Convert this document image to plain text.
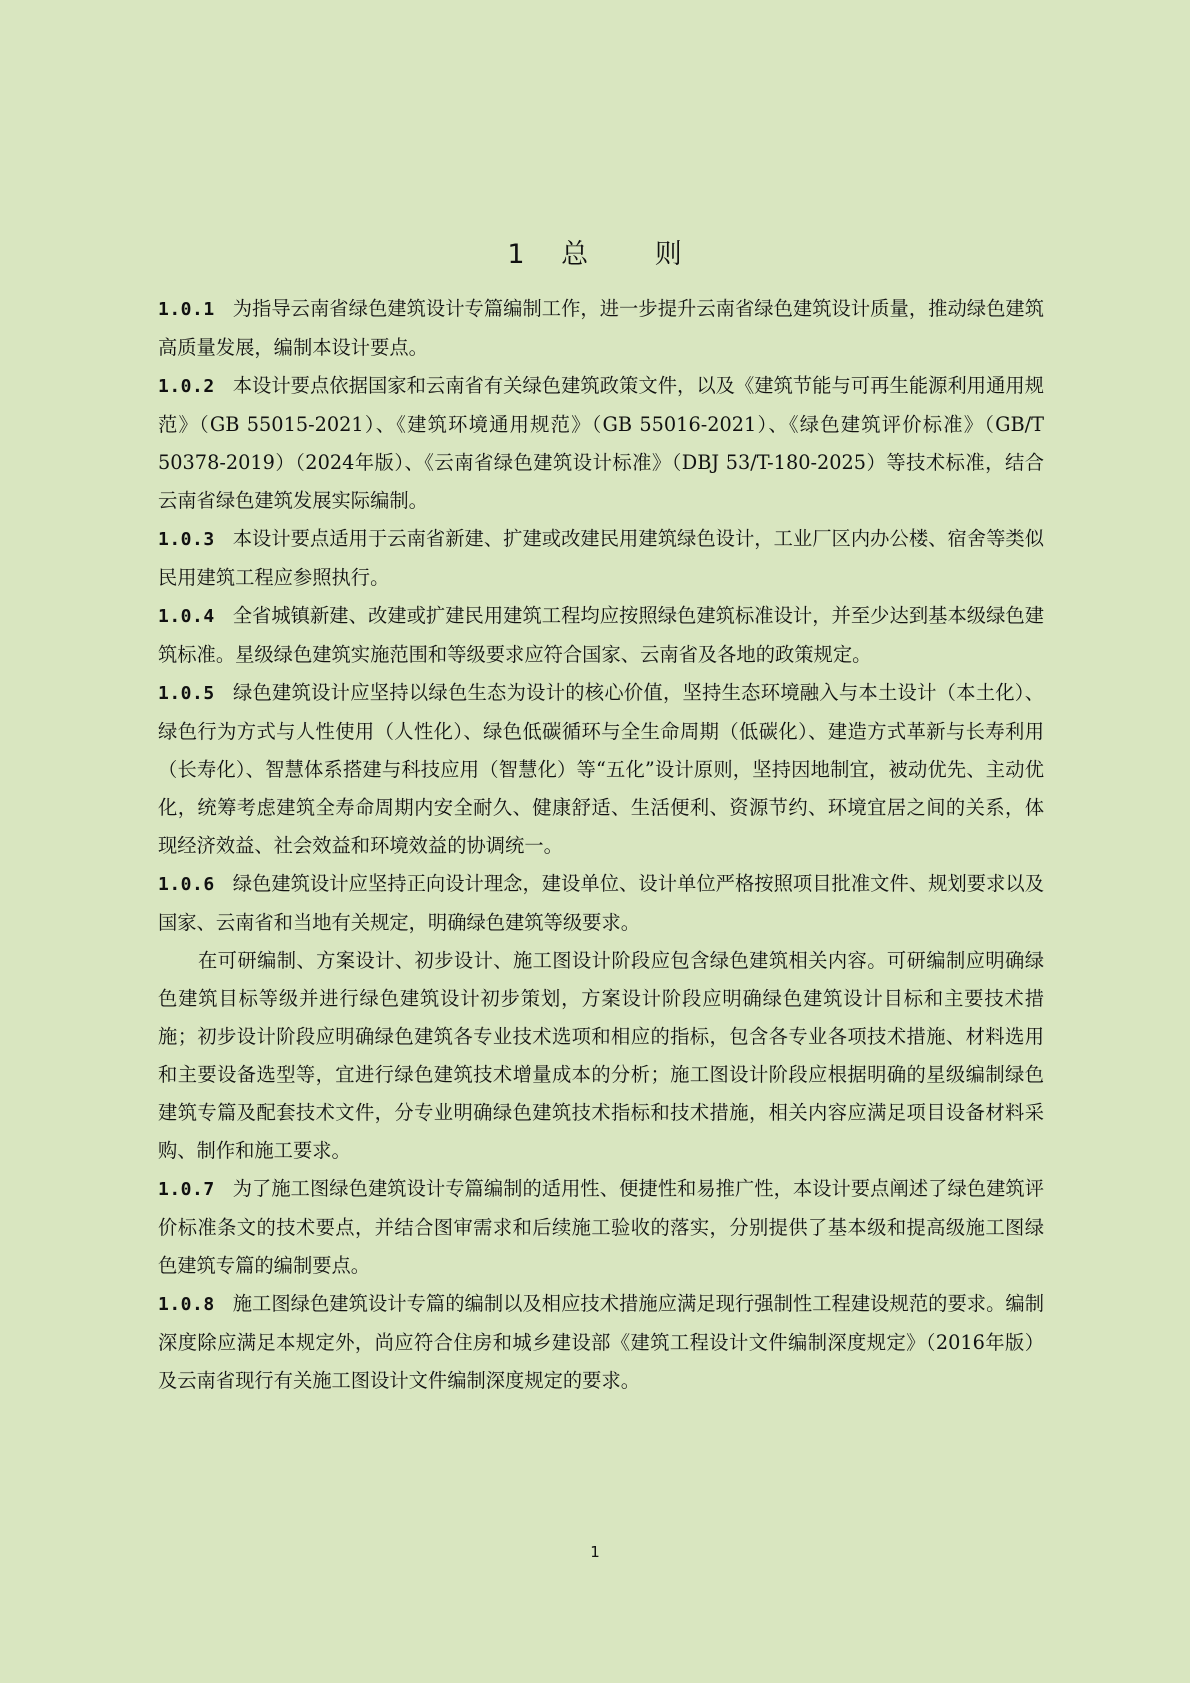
1 总 则

1.0.1 为指导云南省绿色建筑设计专篇编制工作，进一步提升云南省绿色建筑设计质量，推动绿色建筑高质量发展，编制本设计要点。

1.0.2 本设计要点依据国家和云南省有关绿色建筑政策文件，以及《建筑节能与可再生能源利用通用规范》（GB 55015-2021）、《建筑环境通用规范》（GB 55016-2021）、《绿色建筑评价标准》（GB/T 50378-2019）（2024年版）、《云南省绿色建筑设计标准》（DBJ 53/T-180-2025）等技术标准，结合云南省绿色建筑发展实际编制。

1.0.3 本设计要点适用于云南省新建、扩建或改建民用建筑绿色设计，工业厂区内办公楼、宿舍等类似民用建筑工程应参照执行。

1.0.4 全省城镇新建、改建或扩建民用建筑工程均应按照绿色建筑标准设计，并至少达到基本级绿色建筑标准。星级绿色建筑实施范围和等级要求应符合国家、云南省及各地的政策规定。

1.0.5 绿色建筑设计应坚持以绿色生态为设计的核心价值，坚持生态环境融入与本土设计（本土化）、绿色行为方式与人性使用（人性化）、绿色低碳循环与全生命周期（低碳化）、建造方式革新与长寿利用（长寿化）、智慧体系搭建与科技应用（智慧化）等“五化”设计原则，坚持因地制宜，被动优先、主动优化，统筹考虑建筑全寿命周期内安全耐久、健康舒适、生活便利、资源节约、环境宜居之间的关系，体现经济效益、社会效益和环境效益的协调统一。

1.0.6 绿色建筑设计应坚持正向设计理念，建设单位、设计单位严格按照项目批准文件、规划要求以及国家、云南省和当地有关规定，明确绿色建筑等级要求。

在可研编制、方案设计、初步设计、施工图设计阶段应包含绿色建筑相关内容。可研编制应明确绿色建筑目标等级并进行绿色建筑设计初步策划，方案设计阶段应明确绿色建筑设计目标和主要技术措施；初步设计阶段应明确绿色建筑各专业技术选项和相应的指标，包含各专业各项技术措施、材料选用和主要设备选型等，宜进行绿色建筑技术增量成本的分析；施工图设计阶段应根据明确的星级编制绿色建筑专篇及配套技术文件，分专业明确绿色建筑技术指标和技术措施，相关内容应满足项目设备材料采购、制作和施工要求。

1.0.7 为了施工图绿色建筑设计专篇编制的适用性、便捷性和易推广性，本设计要点阐述了绿色建筑评价标准条文的技术要点，并结合图审需求和后续施工验收的落实，分别提供了基本级和提高级施工图绿色建筑专篇的编制要点。

1.0.8 施工图绿色建筑设计专篇的编制以及相应技术措施应满足现行强制性工程建设规范的要求。编制深度除应满足本规定外，尚应符合住房和城乡建设部《建筑工程设计文件编制深度规定》（2016年版）及云南省现行有关施工图设计文件编制深度规定的要求。

1
